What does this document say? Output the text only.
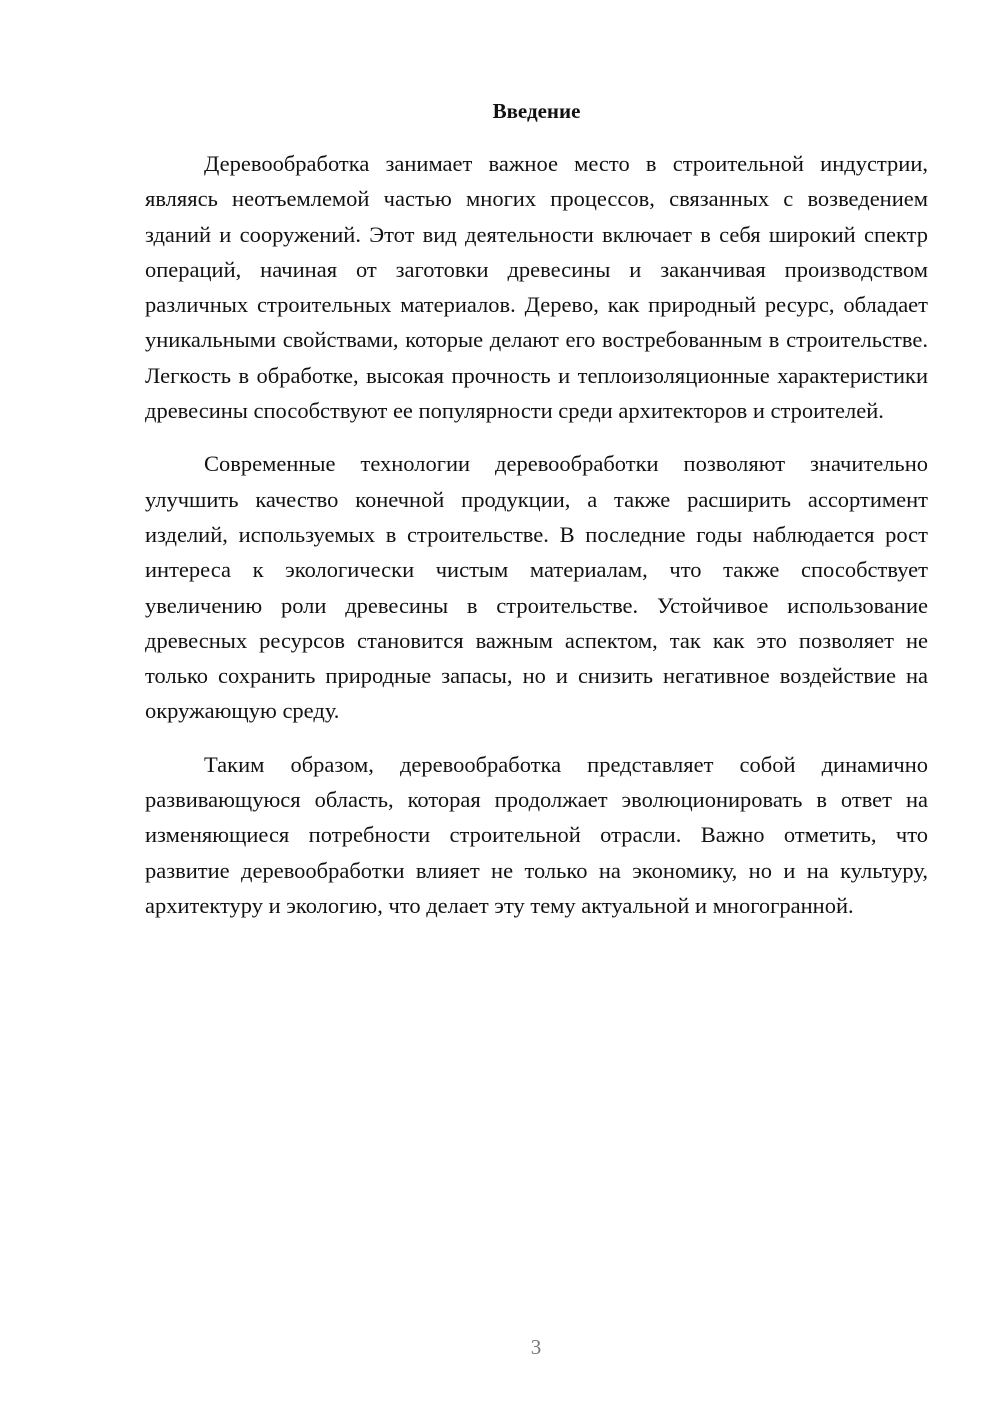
Введение

Деревообработка занимает важное место в строительной индустрии, являясь неотъемлемой частью многих процессов, связанных с возведением зданий и сооружений. Этот вид деятельности включает в себя широкий спектр операций, начиная от заготовки древесины и заканчивая производством различных строительных материалов. Дерево, как природный ресурс, обладает уникальными свойствами, которые делают его востребованным в строительстве. Легкость в обработке, высокая прочность и теплоизоляционные характеристики древесины способствуют ее популярности среди архитекторов и строителей.

Современные технологии деревообработки позволяют значительно улучшить качество конечной продукции, а также расширить ассортимент изделий, используемых в строительстве. В последние годы наблюдается рост интереса к экологически чистым материалам, что также способствует увеличению роли древесины в строительстве. Устойчивое использование древесных ресурсов становится важным аспектом, так как это позволяет не только сохранить природные запасы, но и снизить негативное воздействие на окружающую среду.

Таким образом, деревообработка представляет собой динамично развивающуюся область, которая продолжает эволюционировать в ответ на изменяющиеся потребности строительной отрасли. Важно отметить, что развитие деревообработки влияет не только на экономику, но и на культуру, архитектуру и экологию, что делает эту тему актуальной и многогранной.

3
